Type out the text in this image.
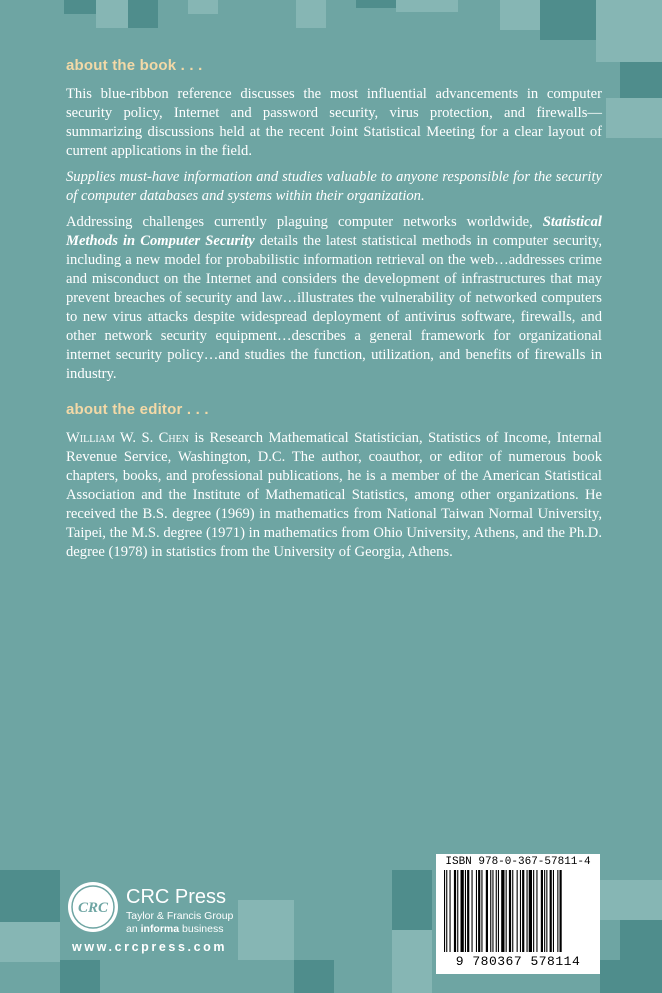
about the book . . .
This blue-ribbon reference discusses the most influential advancements in computer security policy, Internet and password security, virus protection, and firewalls—summarizing discussions held at the recent Joint Statistical Meeting for a clear layout of current applications in the field.
Supplies must-have information and studies valuable to anyone responsible for the security of computer databases and systems within their organization.
Addressing challenges currently plaguing computer networks worldwide, Statistical Methods in Computer Security details the latest statistical methods in computer security, including a new model for probabilistic information retrieval on the web…addresses crime and misconduct on the Internet and considers the development of infrastructures that may prevent breaches of security and law…illustrates the vulnerability of networked computers to new virus attacks despite widespread deployment of antivirus software, firewalls, and other network security equipment…describes a general framework for organizational internet security policy…and studies the function, utilization, and benefits of firewalls in industry.
about the editor . . .
William W. S. Chen is Research Mathematical Statistician, Statistics of Income, Internal Revenue Service, Washington, D.C. The author, coauthor, or editor of numerous book chapters, books, and professional publications, he is a member of the American Statistical Association and the Institute of Mathematical Statistics, among other organizations. He received the B.S. degree (1969) in mathematics from National Taiwan Normal University, Taipei, the M.S. degree (1971) in mathematics from Ohio University, Athens, and the Ph.D. degree (1978) in statistics from the University of Georgia, Athens.
CRC CRC Press
Taylor & Francis Group
an informa business
www.crcpress.com
ISBN 978-0-367-57811-4
9 780367 578114
